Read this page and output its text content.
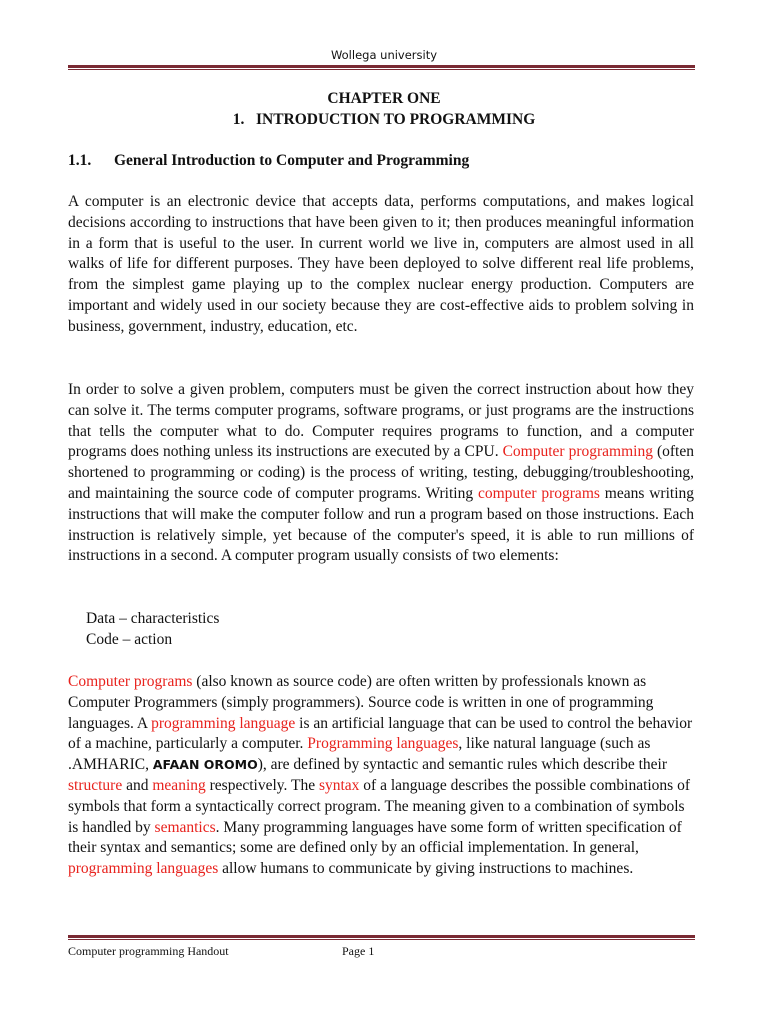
Wollega university
CHAPTER ONE
1.   INTRODUCTION TO PROGRAMMING
1.1. General Introduction to Computer and Programming

A computer is an electronic device that accepts data, performs computations, and makes logical decisions according to instructions that have been given to it; then produces meaningful information in a form that is useful to the user. In current world we live in, computers are almost used in all walks of life for different purposes. They have been deployed to solve different real life problems, from the simplest game playing up to the complex nuclear energy production. Computers are important and widely used in our society because they are cost-effective aids to problem solving in business, government, industry, education, etc.

In order to solve a given problem, computers must be given the correct instruction about how they can solve it. The terms computer programs, software programs, or just programs are the instructions that tells the computer what to do. Computer requires programs to function, and a computer programs does nothing unless its instructions are executed by a CPU. Computer programming (often shortened to programming or coding) is the process of writing, testing, debugging/troubleshooting, and maintaining the source code of computer programs. Writing computer programs means writing instructions that will make the computer follow and run a program based on those instructions. Each instruction is relatively simple, yet because of the computer's speed, it is able to run millions of instructions in a second. A computer program usually consists of two elements:

Data – characteristics
Code – action

Computer programs (also known as source code) are often written by professionals known as Computer Programmers (simply programmers). Source code is written in one of programming languages. A programming language is an artificial language that can be used to control the behavior of a machine, particularly a computer. Programming languages, like natural language (such as .AMHARIC, AFAAN OROMO), are defined by syntactic and semantic rules which describe their structure and meaning respectively. The syntax of a language describes the possible combinations of symbols that form a syntactically correct program. The meaning given to a combination of symbols is handled by semantics. Many programming languages have some form of written specification of their syntax and semantics; some are defined only by an official implementation. In general, programming languages allow humans to communicate by giving instructions to machines.

Computer programming Handout	Page 1
